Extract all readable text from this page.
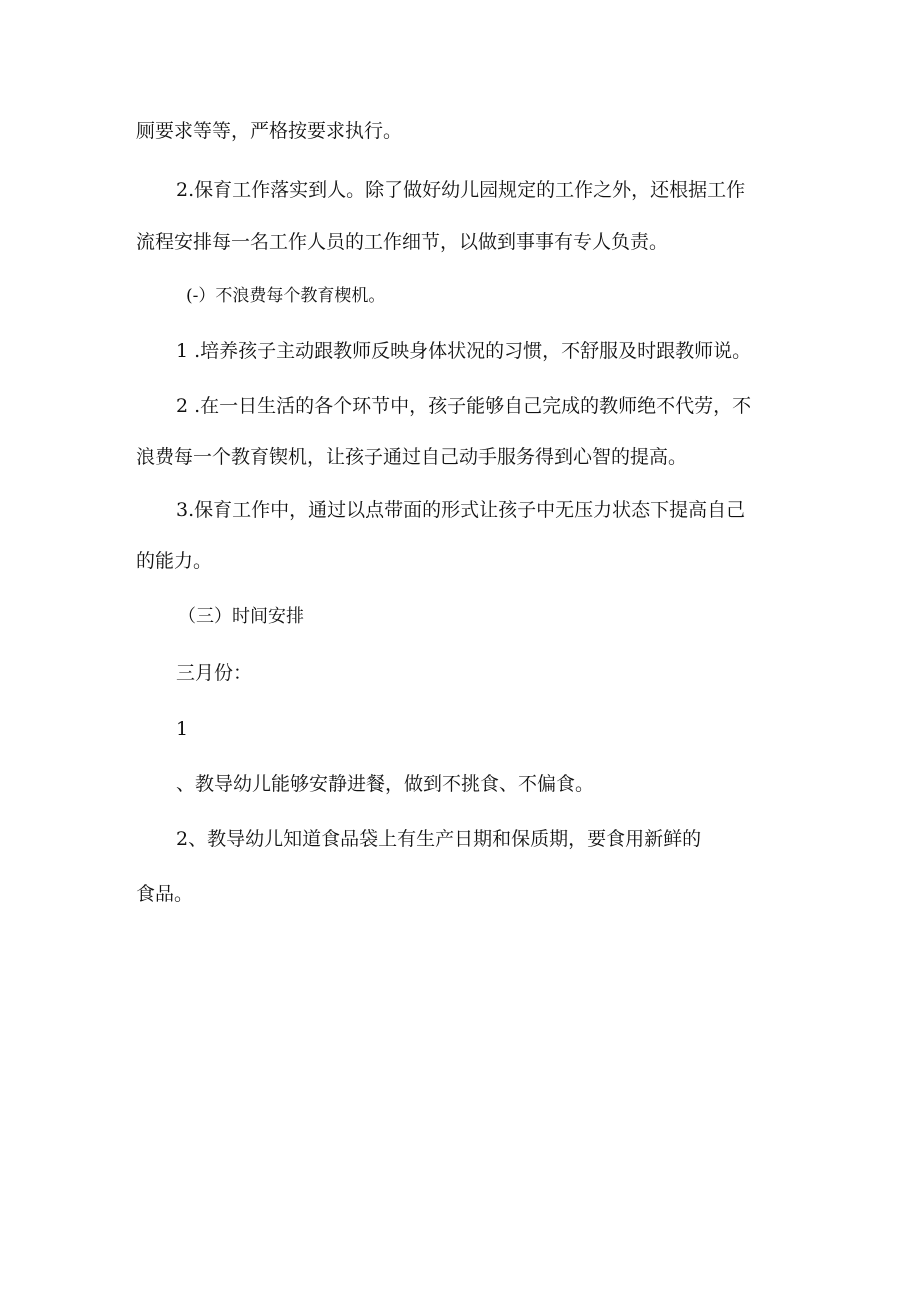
厕要求等等，严格按要求执行。

2.保育工作落实到人。除了做好幼儿园规定的工作之外，还根据工作

流程安排每一名工作人员的工作细节，以做到事事有专人负责。

(-）不浪费每个教育楔机。

1 .培养孩子主动跟教师反映身体状况的习惯，不舒服及时跟教师说。

2 .在一日生活的各个环节中，孩子能够自己完成的教师绝不代劳，不

浪费每一个教育锲机，让孩子通过自己动手服务得到心智的提高。

3.保育工作中，通过以点带面的形式让孩子中无压力状态下提高自己

的能力。

（三）时间安排

三月份：

1

、教导幼儿能够安静进餐，做到不挑食、不偏食。

2、教导幼儿知道食品袋上有生产日期和保质期，要食用新鲜的

食品。
